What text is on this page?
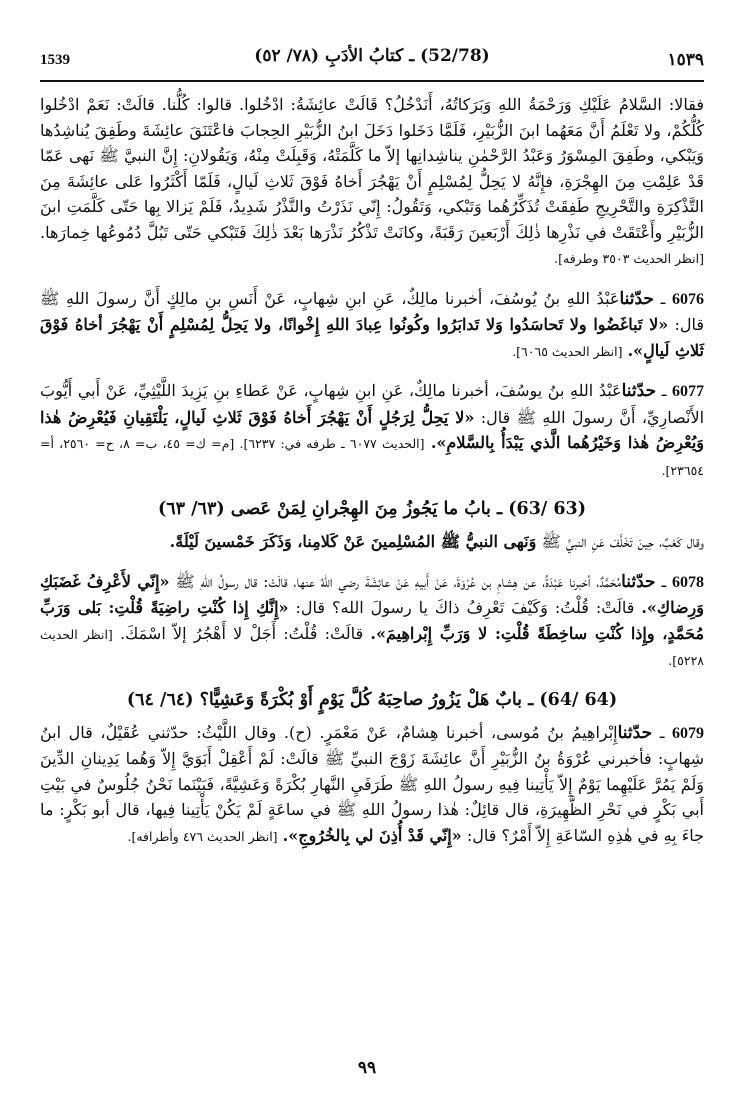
1539	(52/78) ـ كتابُ الأدَبِ (٧٨/ ٥٢)	١٥٣٩

فقالا: السَّلامُ عَلَيْكِ وَرَحْمَةُ اللهِ وَبَرَكاتُهُ، أَنَدْخُلُ؟ قَالَتْ عائِشَةُ: ادْخُلوا. قالوا: كُلُّنا. قالَتْ: نَعَمْ ادْخُلوا كُلُّكُمْ، ولا تَعْلَمُ أَنَّ مَعَهُما ابنَ الزُّبَيْرِ، فَلَمَّا دَخَلوا دَخَلَ ابنُ الزُّبَيْرِ الحِجابَ فاعْتَنَقَ عائِشَةَ وطَفِقَ يُناشِدُها وَيَبْكي، وطَفِقَ المِسْوَرُ وَعَبْدُ الرَّحْمٰنِ يناشِدانِها إلاّ ما كَلَّمَتْهُ، وَقَبِلَتْ مِنْهُ، وَيَقُولانِ: إِنَّ النبيَّ ﷺ نَهى عَمّا قَدْ عَلِمْتِ مِنَ الهِجْرَةِ، فإِنَّهُ لا يَحِلُّ لِمُسْلِمٍ أَنْ يَهْجُرَ أَخاهُ فَوْقَ ثَلاثِ لَيالٍ، فَلَمّا أَكْثَرُوا عَلى عائِشَةَ مِنَ التَّذْكِرَةِ والتَّحْرِيجِ طَفِقَتْ تُذَكِّرُهُما وَتَبْكي، وَتَقُولُ: إِنّي نَذَرْتُ والنَّذْرُ شَدِيدٌ، فَلَمْ يَزالا بِها حَتّى كَلَّمَتِ ابنَ الزُّبَيْرِ وأَعْتَقَتْ في نَذْرِها ذٰلِكَ أَرْبَعينَ رَقَبَةً، وكانَتْ تَذْكُرُ نَذْرَها بَعْدَ ذٰلِكَ فَتَبْكي حَتّى تَبُلَّ دُمُوعُها خِمارَها. [انظر الحديث ٣٥٠٣ وطرفه].

6076 ـ حدّثناعَبْدُ اللهِ بنُ يُوسُفَ، أخبرنا مالِكٌ، عَنِ ابنِ شِهابٍ، عَنْ أَنَسِ بنِ مالِكٍ أَنَّ رسولَ اللهِ ﷺ قال: «لا تَباغَضُوا ولا تَحاسَدُوا وَلا تَدابَرُوا وكُونُوا عِبادَ اللهِ إِخْوانًا، ولا يَحِلُّ لِمُسْلِمٍ أَنْ يَهْجُرَ أخاهُ فَوْقَ ثَلاثِ لَيالٍ». [انظر الحديث ٦٠٦٥].

6077 ـ حدّثناعَبْدُ اللهِ بنُ يوسُفَ، أخبرنا مالِكٌ، عَنِ ابنِ شِهابٍ، عَنْ عَطاءِ بنِ يَزِيدَ اللَّيْثِيِّ، عَنْ أَبي أَيُّوبَ الأَنْصارِيِّ، أَنَّ رسولَ اللهِ ﷺ قال: «لا يَحِلُّ لِرَجُلٍ أَنْ يَهْجُرَ أَخاهُ فَوْقَ ثَلاثِ لَيالٍ، يَلْتَقِيانِ فَيُعْرِضُ هٰذا وَيُعْرِضُ هٰذا وَخَيْرُهُما الَّذي يَبْدَأُ بِالسَّلامِ». [الحديث ٦٠٧٧ ـ طرفه في: ٦٢٣٧]. [م= ك= ٤٥، ب= ٨، ح= ٢٥٦٠، أ= ٢٣٦٥٤].

(63 /63) ـ بابُ ما يَجُوزُ مِنَ الهِجْرانِ لِمَنْ عَصى (٦٣/ ٦٣)

وقال كَعْبٌ، حِينَ تَخَلَّفَ عَنِ النبيِّ ﷺ وَنَهى النبيُّ ﷺ المُسْلِمينَ عَنْ كَلامِنا، وَذَكَرَ خَمْسينَ لَيْلَةً.

6078 ـ حدّثنامُحَمَّدٌ، أخبرنا عَبْدَةُ، عن هِشامِ بن عُرْوَةَ، عَنْ أَبيهِ عَنْ عائِشَةَ رضي اللهُ عنها، قالَتْ: قال رسولُ اللهِ ﷺ «إِنّي لأَعْرِفُ غَضَبَكِ وَرِضاكِ». قالَتْ: قُلْتُ: وَكَيْفَ تَعْرِفُ ذاكَ يا رسولَ الله؟ قال: «إِنَّكِ إِذا كُنْتِ راضِيَةً قُلْتِ: بَلى وَرَبِّ مُحَمَّدٍ، وإِذا كُنْتِ ساخِطَةً قُلْتِ: لا وَرَبِّ إِبْراهِيمَ». قالَتْ: قُلْتُ: أَجَلْ لا أَهْجُرُ إلاّ اسْمَكَ. [انظر الحديث ٥٢٢٨].

(64 /64) ـ بابٌ هَلْ يَزُورُ صاحِبَهُ كُلَّ يَوْمٍ أَوْ بُكْرَةً وَعَشِيًّا؟ (٦٤/ ٦٤)

6079 ـ حدّثناإِبْراهِيمُ بنُ مُوسى، أخبرنا هِشامٌ، عَنْ مَعْمَرٍ. (ح). وقال اللَّيْثُ: حدّثني عُقَيْلٌ، قال ابنُ شِهابٍ: فأخبرني عُرْوَةُ بنُ الزُّبَيْرِ أَنَّ عائِشَةَ زَوْجَ النبيِّ ﷺ قالَتْ: لَمْ أَعْقِلْ أَبَوَيَّ إِلاّ وَهُما يَدِينانِ الدِّينَ وَلَمْ يَمُرَّ عَلَيْهِما يَوْمٌ إِلاّ يَأْتِينا فِيهِ رسولُ اللهِ ﷺ طَرَفَيِ النَّهارِ بُكْرَةً وَعَشِيَّةً، فَبَيْنَما نَحْنُ جُلُوسٌ في بَيْتِ أَبي بَكْرٍ في نَحْرِ الظَّهِيرَةِ، قال قائِلٌ: هٰذا رسولُ اللهِ ﷺ في ساعَةٍ لَمْ يَكُنْ يَأْتِينا فِيها، قال أبو بَكْرٍ: ما جاءَ بِهِ في هٰذِهِ السّاعَةِ إِلاّ أَمْرٌ؟ قال: «إِنّي قَدْ أُذِنَ لي بِالخُرُوجِ». [انظر الحديث ٤٧٦ وأطرافه].

٩٩
